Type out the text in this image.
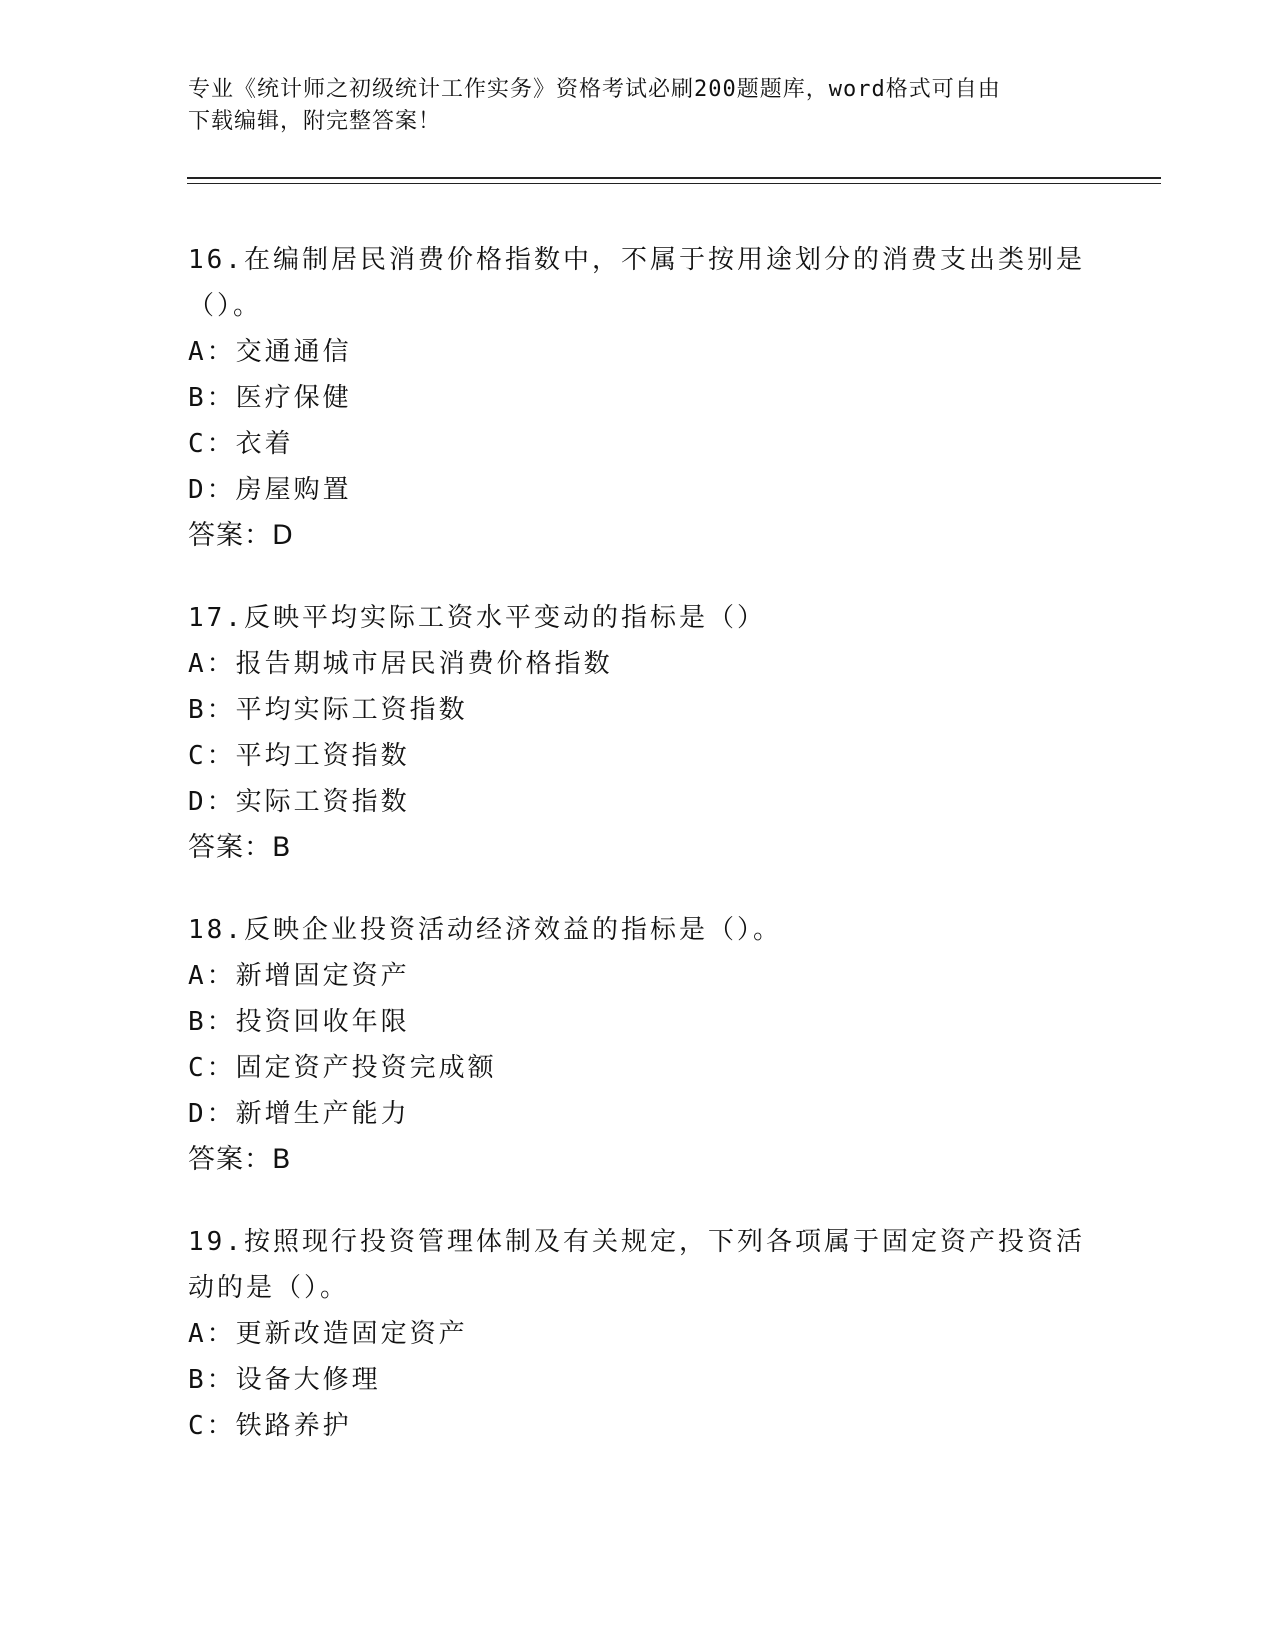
专业《统计师之初级统计工作实务》资格考试必刷200题题库，word格式可自由
下载编辑，附完整答案！

16.在编制居民消费价格指数中，不属于按用途划分的消费支出类别是

（）。

A：交通通信

B：医疗保健

C：衣着

D：房屋购置

答案：D

17.反映平均实际工资水平变动的指标是（）

A：报告期城市居民消费价格指数

B：平均实际工资指数

C：平均工资指数

D：实际工资指数

答案：B

18.反映企业投资活动经济效益的指标是（）。

A：新增固定资产

B：投资回收年限

C：固定资产投资完成额

D：新增生产能力

答案：B

19.按照现行投资管理体制及有关规定，下列各项属于固定资产投资活

动的是（）。

A：更新改造固定资产

B：设备大修理

C：铁路养护
